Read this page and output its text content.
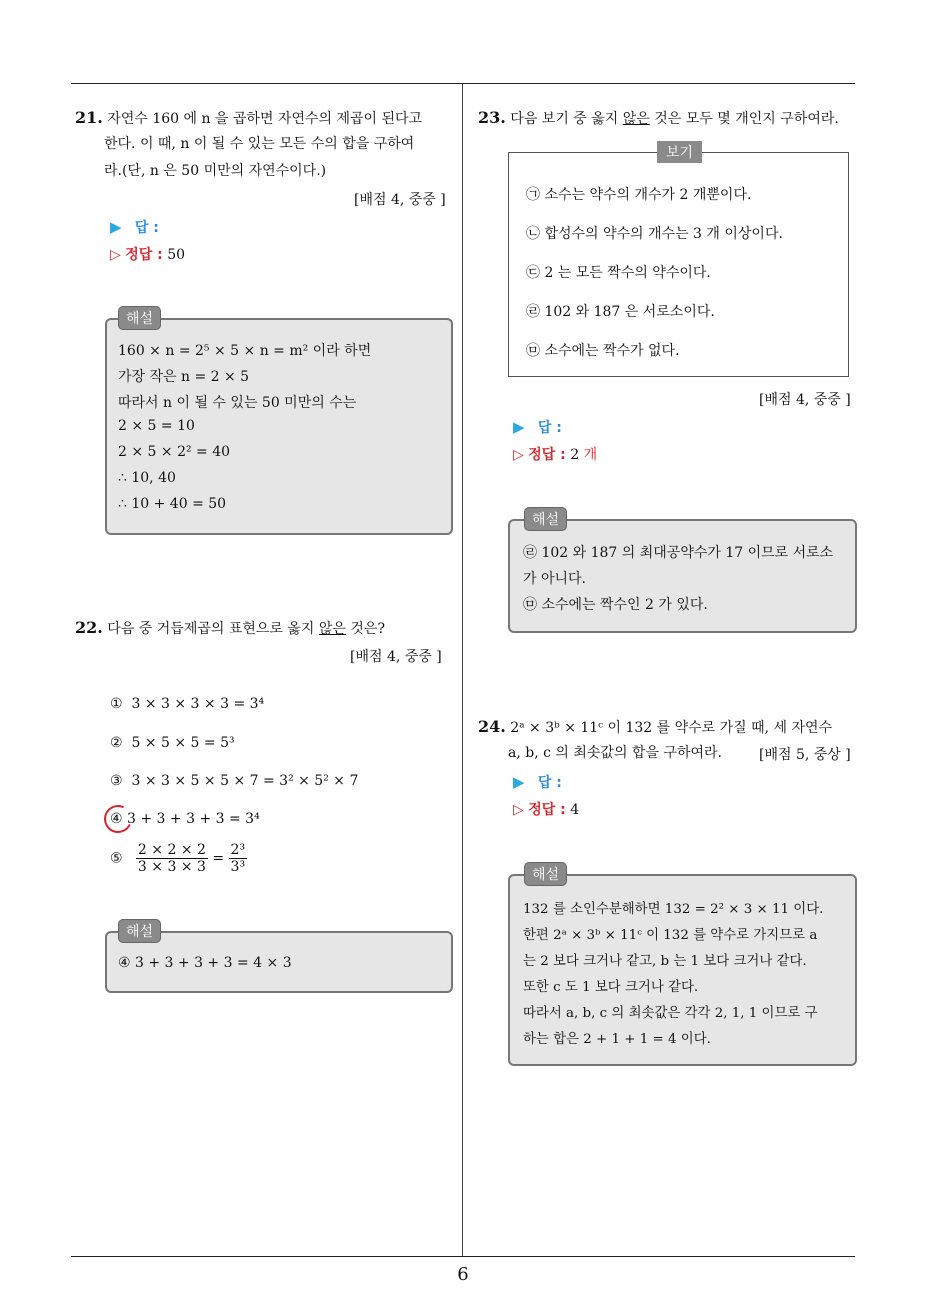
21. 자연수 160 에 n 을 곱하면 자연수의 제곱이 된다고
한다. 이 때, n 이 될 수 있는 모든 수의 합을 구하여
라.(단, n 은 50 미만의 자연수이다.)
[배점 4, 중중 ]
▶ 답 :
▷ 정답 : 50
160 × n = 2⁵ × 5 × n = m² 이라 하면
가장 작은 n = 2 × 5
따라서 n 이 될 수 있는 50 미만의 수는
2 × 5 = 10
2 × 5 × 2² = 40
∴ 10, 40
∴ 10 + 40 = 50
해설
22. 다음 중 거듭제곱의 표현으로 옳지 않은 것은?
[배점 4, 중중 ]
① 3 × 3 × 3 × 3 = 3⁴
② 5 × 5 × 5 = 5³
③ 3 × 3 × 5 × 5 × 7 = 3² × 5² × 7
④ 3 + 3 + 3 + 3 = 3⁴
⑤ $\frac{2 \times 2 \times 2}{3 \times 3 \times 3} = \frac{\text{2³}}{\text{3³}}$
④ 3 + 3 + 3 + 3 = 4 × 3
해설
23. 다음 보기 중 옳지 않은 것은 모두 몇 개인지 구하여라.
㉠ 소수는 약수의 개수가 2 개뿐이다.
㉡ 합성수의 약수의 개수는 3 개 이상이다.
㉢ 2 는 모든 짝수의 약수이다.
㉣ 102 와 187 은 서로소이다.
㉤ 소수에는 짝수가 없다.
보기
[배점 4, 중중 ]
▶ 답 :
▷ 정답 : 2 개
㉣ 102 와 187 의 최대공약수가 17 이므로 서로소
가 아니다.
㉤ 소수에는 짝수인 2 가 있다.
해설
24. 2ᵃ × 3ᵇ × 11ᶜ 이 132 를 약수로 가질 때, 세 자연수
a, b, c 의 최솟값의 합을 구하여라.	[배점 5, 중상 ]
▶ 답 :
▷ 정답 : 4
132 를 소인수분해하면 132 = 2² × 3 × 11 이다.
한편 2ᵃ × 3ᵇ × 11ᶜ 이 132 를 약수로 가지므로 a
는 2 보다 크거나 같고, b 는 1 보다 크거나 같다.
또한 c 도 1 보다 크거나 같다.
따라서 a, b, c 의 최솟값은 각각 2, 1, 1 이므로 구
하는 합은 2 + 1 + 1 = 4 이다.
해설
6
